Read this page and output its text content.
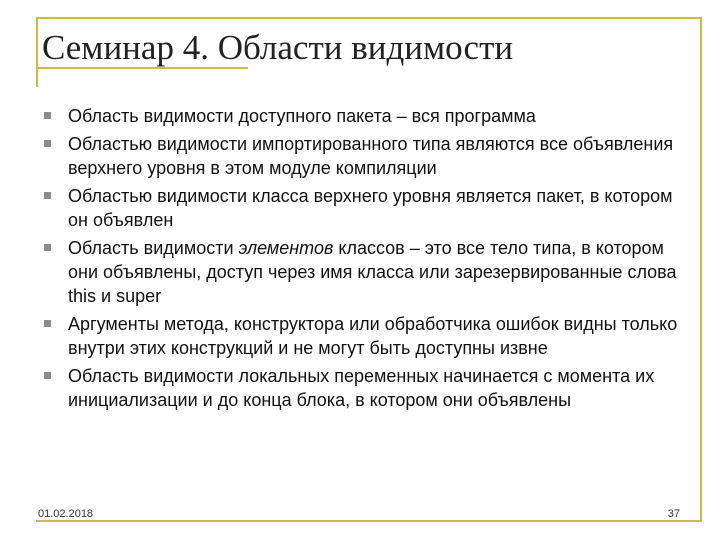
Семинар 4. Области видимости
Область видимости доступного пакета – вся программа
Областью видимости импортированного типа являются все объявления верхнего уровня в этом модуле компиляции
Областью видимости класса верхнего уровня является пакет, в котором он объявлен
Область видимости элементов классов – это все тело типа, в котором они объявлены, доступ через имя класса или зарезервированные слова this и super
Аргументы метода, конструктора или обработчика ошибок видны только внутри этих конструкций и не могут быть доступны извне
Область видимости локальных переменных начинается с момента их инициализации и до конца блока, в котором они объявлены
01.02.2018	37
